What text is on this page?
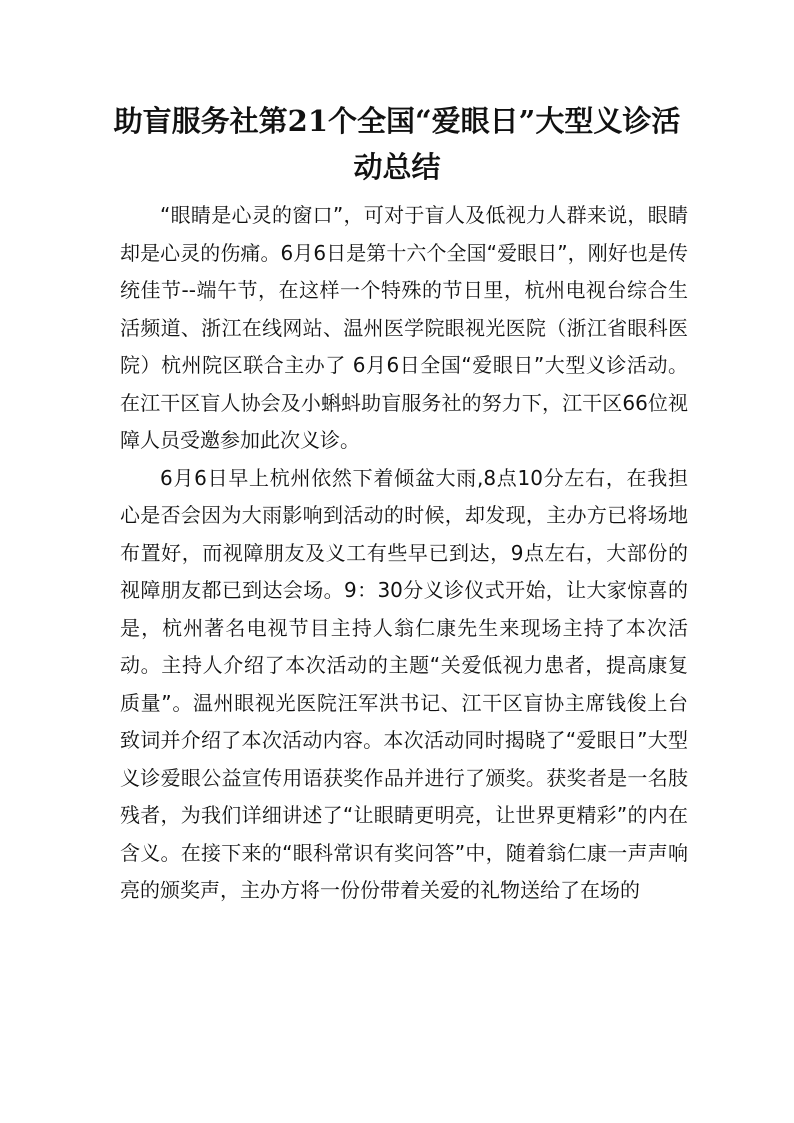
助盲服务社第21个全国“爱眼日”大型义诊活动总结

“眼睛是心灵的窗口”，可对于盲人及低视力人群来说，眼睛却是心灵的伤痛。6月6日是第十六个全国“爱眼日”，刚好也是传统佳节--端午节，在这样一个特殊的节日里，杭州电视台综合生活频道、浙江在线网站、温州医学院眼视光医院（浙江省眼科医院）杭州院区联合主办了 6月6日全国“爱眼日”大型义诊活动。在江干区盲人协会及小蝌蚪助盲服务社的努力下，江干区66位视障人员受邀参加此次义诊。

6月6日早上杭州依然下着倾盆大雨,8点10分左右，在我担心是否会因为大雨影响到活动的时候，却发现，主办方已将场地布置好，而视障朋友及义工有些早已到达，9点左右，大部份的视障朋友都已到达会场。9：30分义诊仪式开始，让大家惊喜的是，杭州著名电视节目主持人翁仁康先生来现场主持了本次活动。主持人介绍了本次活动的主题“关爱低视力患者，提高康复质量”。温州眼视光医院汪军洪书记、江干区盲协主席钱俊上台致词并介绍了本次活动内容。本次活动同时揭晓了“爱眼日”大型义诊爱眼公益宣传用语获奖作品并进行了颁奖。获奖者是一名肢残者，为我们详细讲述了“让眼睛更明亮，让世界更精彩”的内在含义。在接下来的“眼科常识有奖问答”中，随着翁仁康一声声响亮的颁奖声，主办方将一份份带着关爱的礼物送给了在场的
